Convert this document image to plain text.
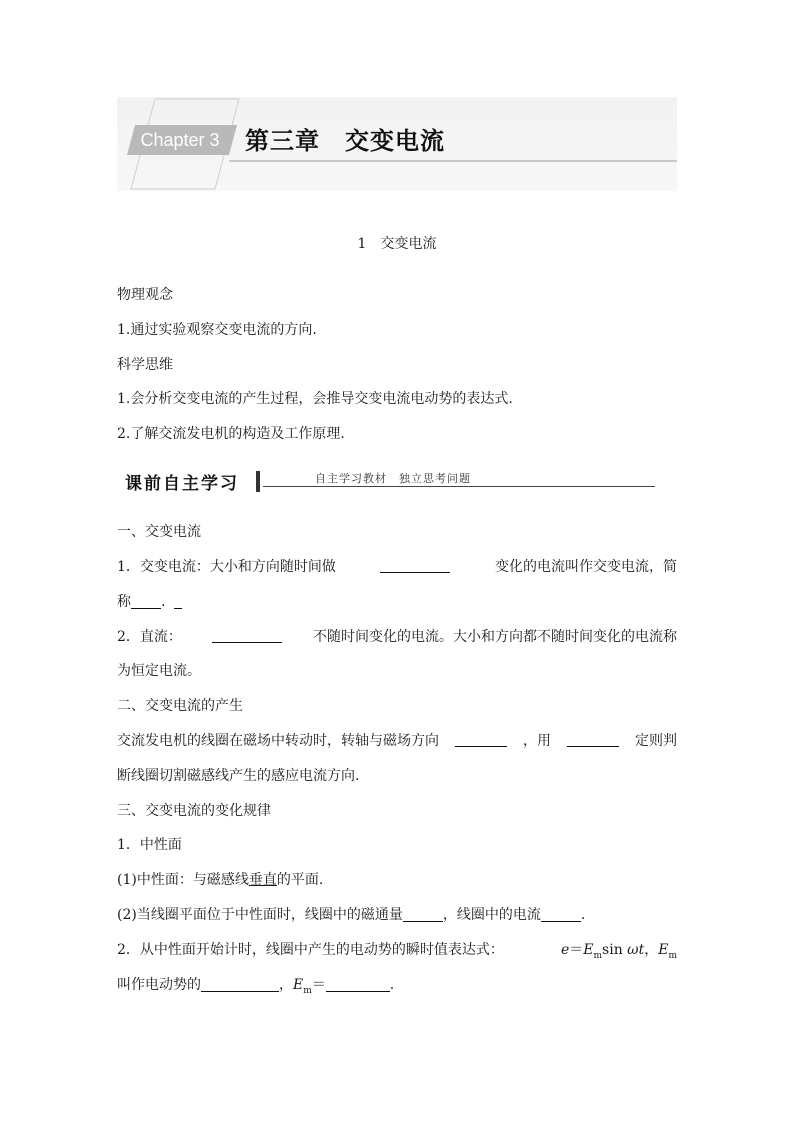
Chapter 3	第三章　交变电流
1　交变电流
物理观念
1.通过实验观察交变电流的方向.
科学思维
1.会分析交变电流的产生过程，会推导交变电流电动势的表达式.
2.了解交流发电机的构造及工作原理.
课前自主学习	自主学习教材　独立思考问题
一、交变电流
1．交变电流：大小和方向随时间做	变化的电流叫作交变电流，简
称 .
2．直流：	不随时间变化的电流。大小和方向都不随时间变化的电流称
为恒定电流。
二、交变电流的产生
交流发电机的线圈在磁场中转动时，转轴与磁场方向	，用	定则判
断线圈切割磁感线产生的感应电流方向.
三、交变电流的变化规律
1．中性面
(1)中性面：与磁感线垂直的平面.
(2)当线圈平面位于中性面时，线圈中的磁通量	，线圈中的电流	.
2．从中性面开始计时，线圈中产生的电动势的瞬时值表达式：	$e=E_m\sin$ ωt，$E_m$
叫作电动势的	，$E_m=$	.
